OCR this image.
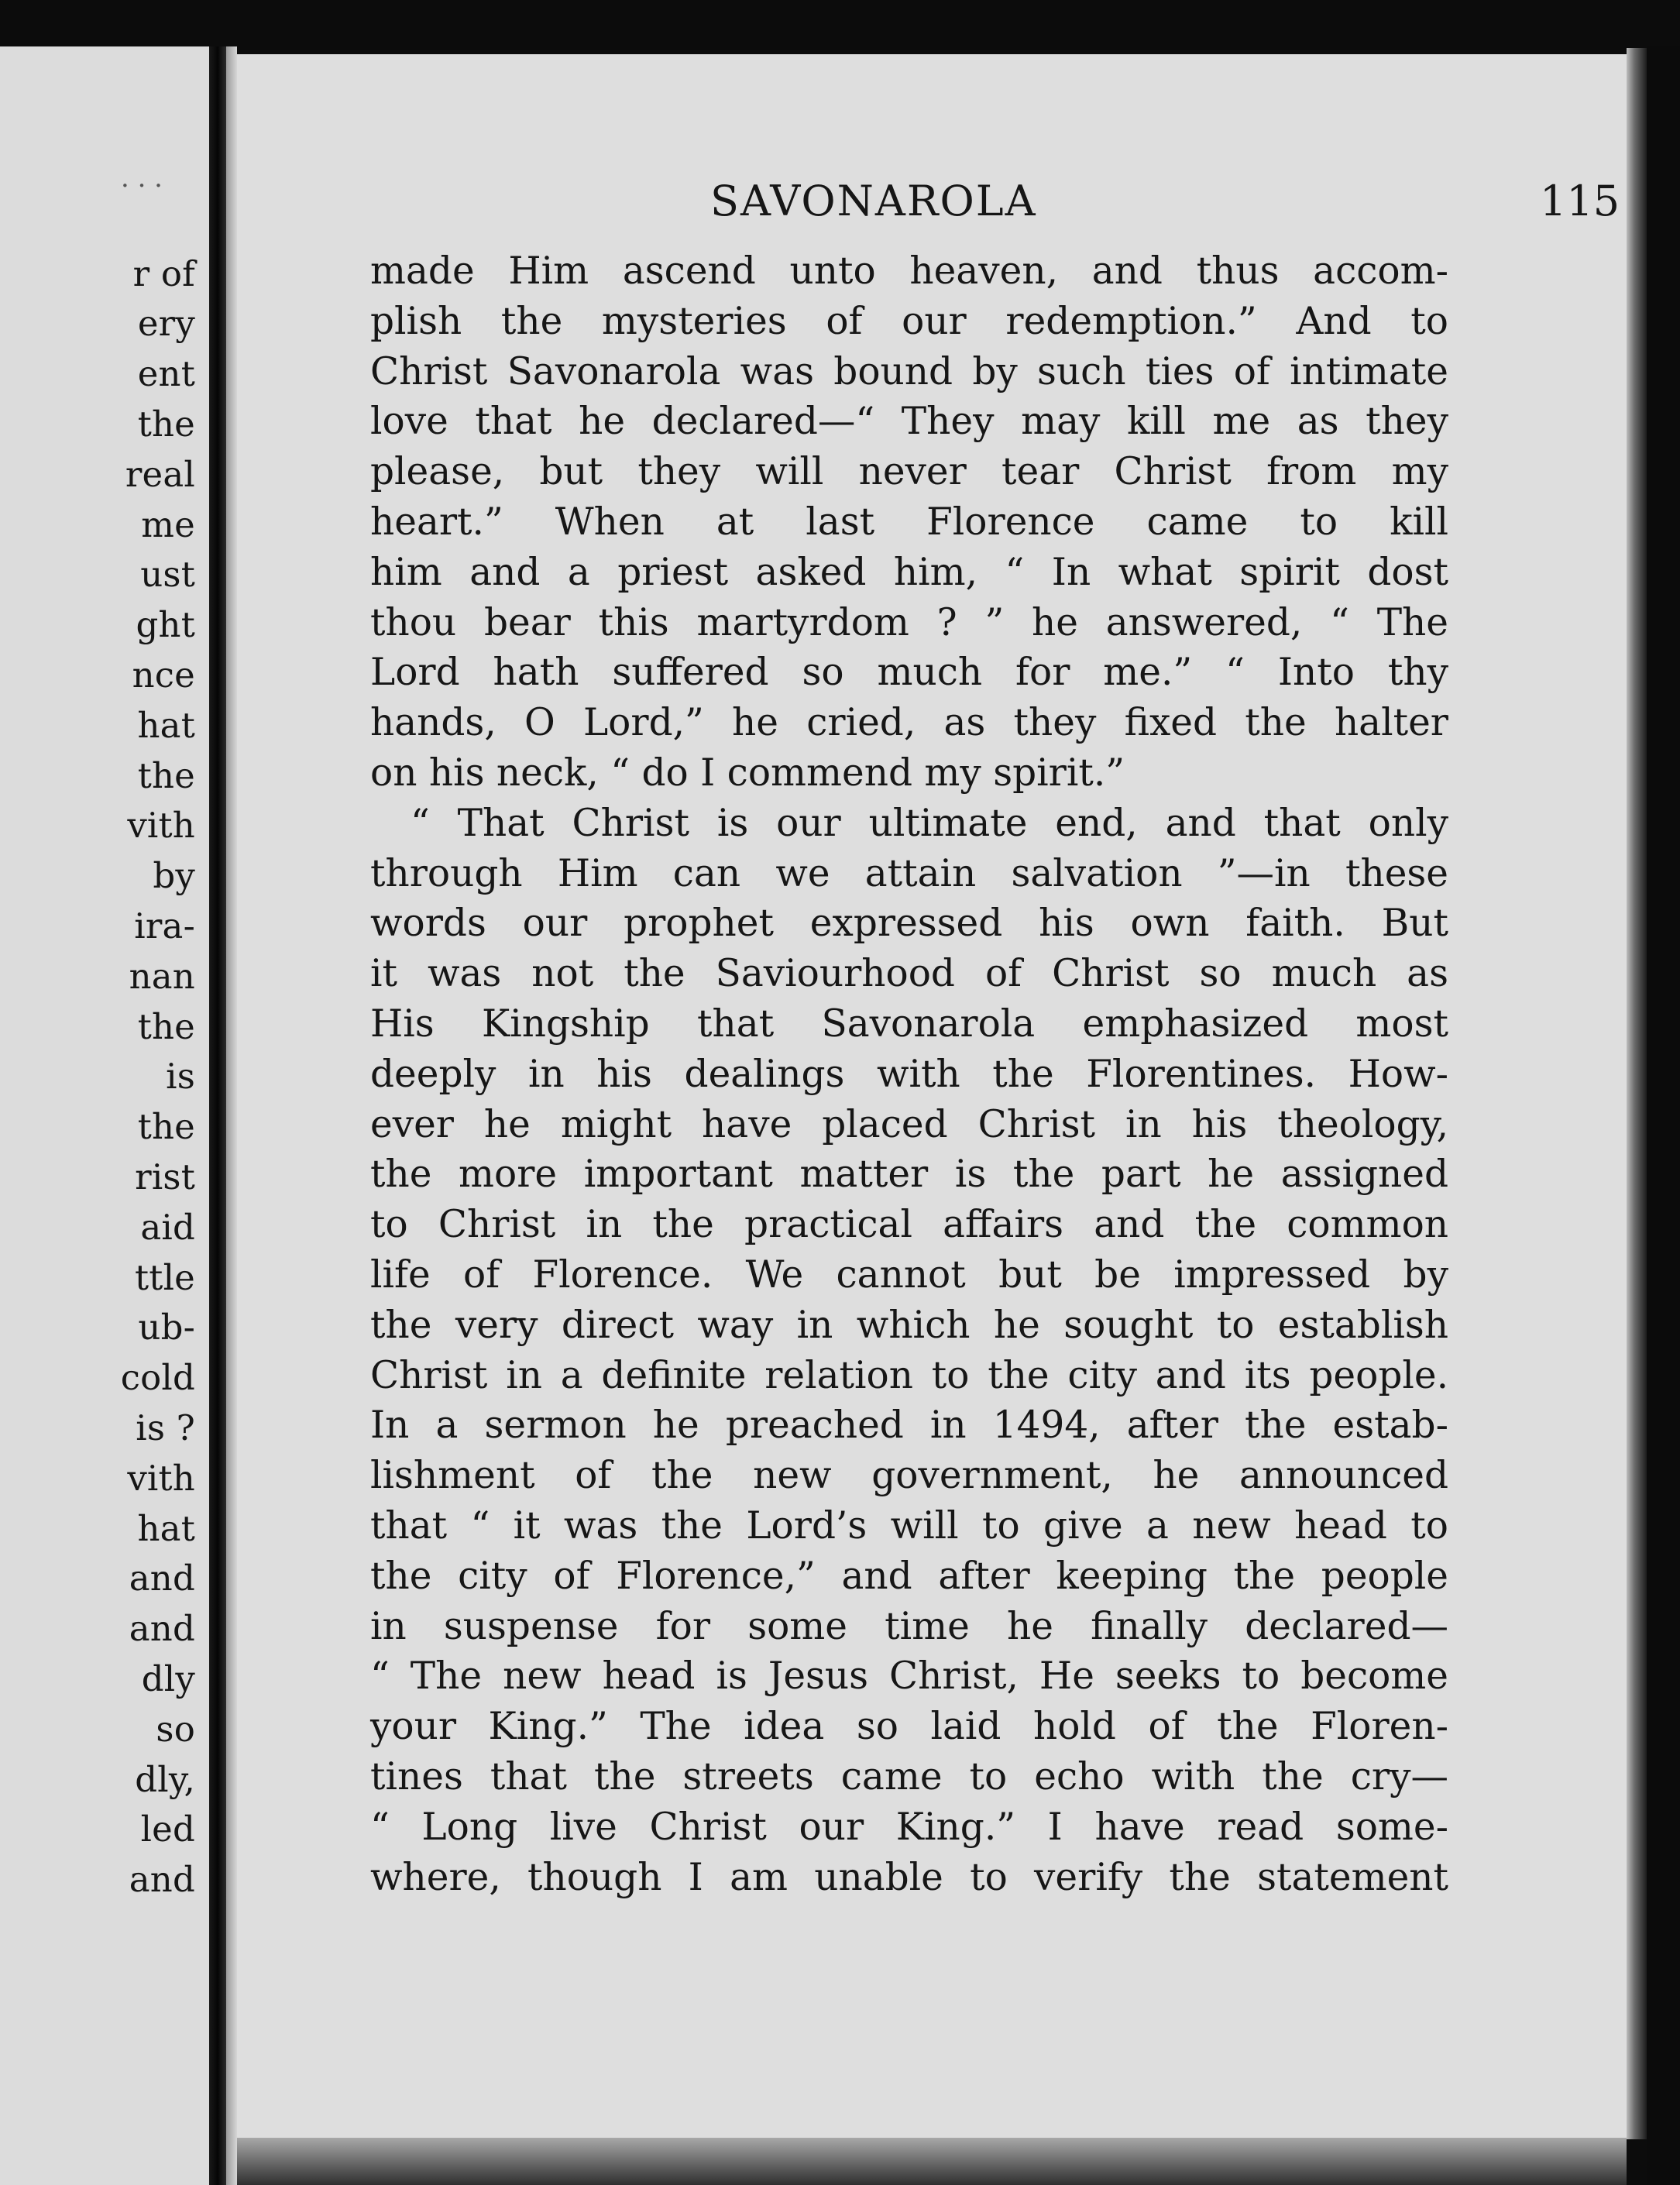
· · ·
r of
ery
ent
the
real
me
ust
ght
nce
hat
the
vith
by
ira-
nan
the
is
the
rist
aid
ttle
ub-
cold
is ?
vith
hat
and
and
dly
so
dly,
led
and
SAVONAROLA	115
made Him ascend unto heaven, and thus accom-
plish the mysteries of our redemption.” And to
Christ Savonarola was bound by such ties of intimate
love that he declared—“ They may kill me as they
please, but they will never tear Christ from my
heart.” When at last Florence came to kill
him and a priest asked him, “ In what spirit dost
thou bear this martyrdom ? ” he answered, “ The
Lord hath suffered so much for me.” “ Into thy
hands, O Lord,” he cried, as they fixed the halter
on his neck, “ do I commend my spirit.”
“ That Christ is our ultimate end, and that only
through Him can we attain salvation ”—in these
words our prophet expressed his own faith. But
it was not the Saviourhood of Christ so much as
His Kingship that Savonarola emphasized most
deeply in his dealings with the Florentines. How-
ever he might have placed Christ in his theology,
the more important matter is the part he assigned
to Christ in the practical affairs and the common
life of Florence. We cannot but be impressed by
the very direct way in which he sought to establish
Christ in a definite relation to the city and its people.
In a sermon he preached in 1494, after the estab-
lishment of the new government, he announced
that “ it was the Lord’s will to give a new head to
the city of Florence,” and after keeping the people
in suspense for some time he finally declared—
“ The new head is Jesus Christ, He seeks to become
your King.” The idea so laid hold of the Floren-
tines that the streets came to echo with the cry—
“ Long live Christ our King.” I have read some-
where, though I am unable to verify the statement
